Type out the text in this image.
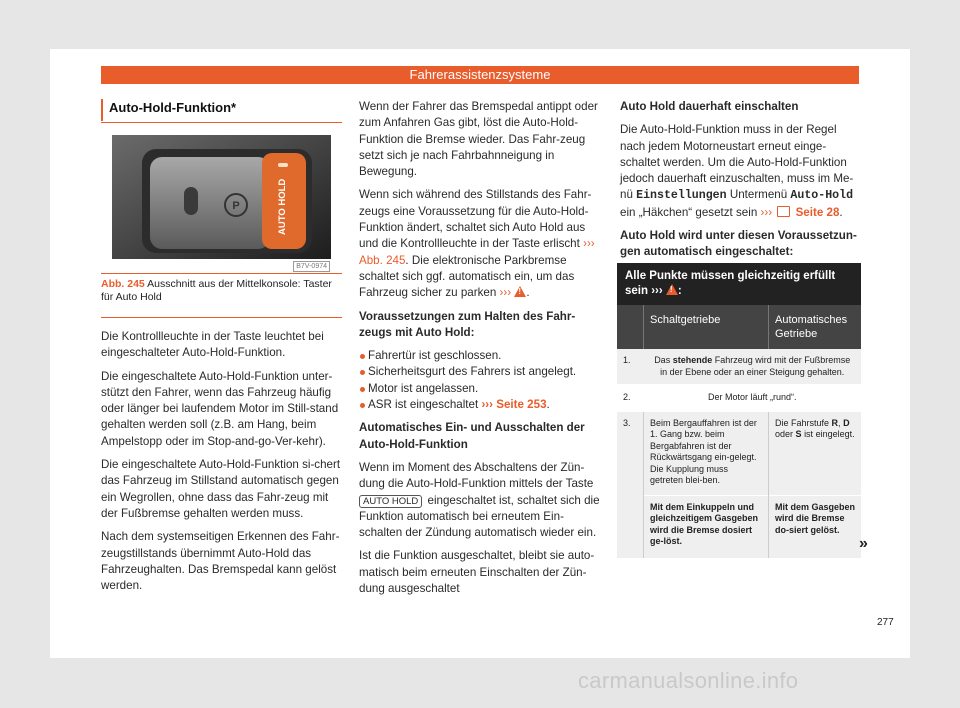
Fahrerassistenzsysteme
Auto-Hold-Funktion*
P	AUTO HOLD
B7V-0974
Abb. 245 Ausschnitt aus der Mittelkonsole: Taster für Auto Hold

Die Kontrollleuchte in der Taste leuchtet bei eingeschalteter Auto-Hold-Funktion.

Die eingeschaltete Auto-Hold-Funktion unter-stützt den Fahrer, wenn das Fahrzeug häufig oder länger bei laufendem Motor im Still-stand gehalten werden soll (z.B. am Hang, beim Ampelstopp oder im Stop-and-go-Ver-kehr).

Die eingeschaltete Auto-Hold-Funktion si-chert das Fahrzeug im Stillstand automatisch gegen ein Wegrollen, ohne dass das Fahr-zeug mit der Fußbremse gehalten werden muss.

Nach dem systemseitigen Erkennen des Fahr-zeugstillstands übernimmt Auto-Hold das Fahrzeughalten. Das Bremspedal kann gelöst werden.

Wenn der Fahrer das Bremspedal antippt oder zum Anfahren Gas gibt, löst die Auto-Hold-Funktion die Bremse wieder. Das Fahr-zeug setzt sich je nach Fahrbahnneigung in Bewegung.

Wenn sich während des Stillstands des Fahr-zeugs eine Voraussetzung für die Auto-Hold-Funktion ändert, schaltet sich Auto Hold aus und die Kontrollleuchte in der Taste erlischt ››› Abb. 245. Die elektronische Parkbremse schaltet sich ggf. automatisch ein, um das Fahrzeug sicher zu parken ››› ! .

Voraussetzungen zum Halten des Fahr-zeugs mit Auto Hold:

Fahrertür ist geschlossen.
Sicherheitsgurt des Fahrers ist angelegt.
Motor ist angelassen.
ASR ist eingeschaltet ››› Seite 253.

Automatisches Ein- und Ausschalten der Auto-Hold-Funktion

Wenn im Moment des Abschaltens der Zün-dung die Auto-Hold-Funktion mittels der Taste AUTO HOLD eingeschaltet ist, schaltet sich die Funktion automatisch bei erneutem Ein-schalten der Zündung automatisch wieder ein.

Ist die Funktion ausgeschaltet, bleibt sie auto-matisch beim erneuten Einschalten der Zün-dung ausgeschaltet

Auto Hold dauerhaft einschalten

Die Auto-Hold-Funktion muss in der Regel nach jedem Motorneustart erneut einge-schaltet werden. Um die Auto-Hold-Funktion jedoch dauerhaft einzuschalten, muss im Me-nü Einstellungen Untermenü Auto-Hold ein „Häkchen“ gesetzt sein ››› Seite 28.

Auto Hold wird unter diesen Voraussetzun-gen automatisch eingeschaltet:

Alle Punkte müssen gleichzeitig erfüllt sein ››› ! :
	Schaltgetriebe	Automatisches Getriebe
1.	Das stehende Fahrzeug wird mit der Fußbremse in der Ebene oder an einer Steigung gehalten.	
2.	Der Motor läuft „rund“.	
3.	Beim Bergauffahren ist der 1. Gang bzw. beim Bergabfahren ist der Rückwärtsgang ein-gelegt. Die Kupplung muss getreten blei-ben.	Die Fahrstufe R, D oder S ist eingelegt.
	Mit dem Einkuppeln und gleichzeitigem Gasgeben wird die Bremse dosiert ge-löst.	Mit dem Gasgeben wird die Bremse do-siert gelöst.
»
277
carmanualsonline.info
